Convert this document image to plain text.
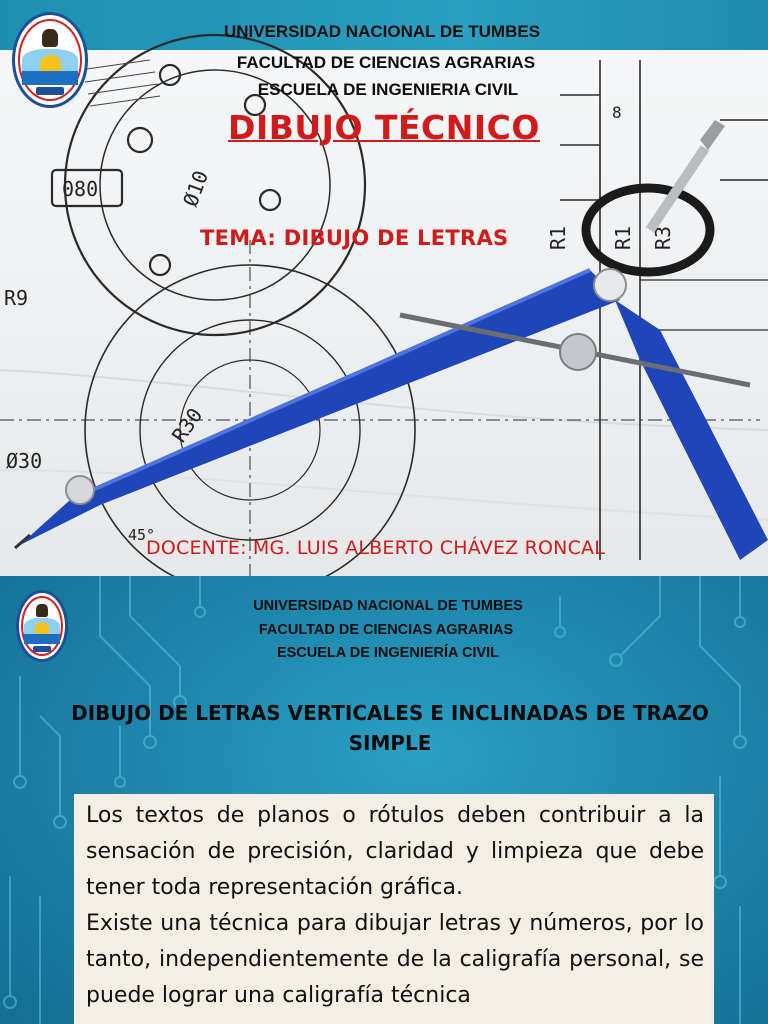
080	Ø10
R9
Ø30
R30
45°
R1 R1 R3
8
UNIVERSIDAD NACIONAL DE TUMBES
FACULTAD DE CIENCIAS AGRARIAS
ESCUELA DE INGENIERIA CIVIL
DIBUJO TÉCNICO
TEMA: DIBUJO DE LETRAS
DOCENTE: MG. LUIS ALBERTO CHÁVEZ RONCAL
UNIVERSIDAD NACIONAL DE TUMBES
FACULTAD DE CIENCIAS AGRARIAS
ESCUELA DE INGENIERÍA CIVIL
DIBUJO DE LETRAS VERTICALES E INCLINADAS DE TRAZO SIMPLE

Los textos de planos o rótulos deben contribuir a la sensación de precisión, claridad y limpieza que debe tener toda representación gráfica.

Existe una técnica para dibujar letras y números, por lo tanto, independientemente de la caligrafía personal, se puede lograr una caligrafía técnica
